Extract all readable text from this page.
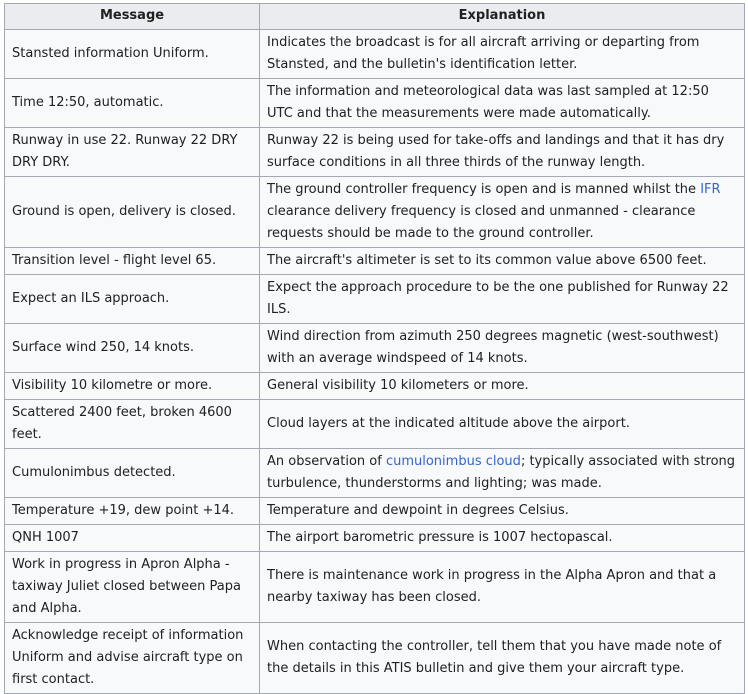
Message	Explanation
Stansted information Uniform.	Indicates the broadcast is for all aircraft arriving or departing from Stansted, and the bulletin's identification letter.
Time 12:50, automatic.	The information and meteorological data was last sampled at 12:50 UTC and that the measurements were made automatically.
Runway in use 22. Runway 22 DRY DRY DRY.	Runway 22 is being used for take-offs and landings and that it has dry surface conditions in all three thirds of the runway length.
Ground is open, delivery is closed.	The ground controller frequency is open and is manned whilst the IFR clearance delivery frequency is closed and unmanned - clearance requests should be made to the ground controller.
Transition level - flight level 65.	The aircraft's altimeter is set to its common value above 6500 feet.
Expect an ILS approach.	Expect the approach procedure to be the one published for Runway 22 ILS.
Surface wind 250, 14 knots.	Wind direction from azimuth 250 degrees magnetic (west-southwest) with an average windspeed of 14 knots.
Visibility 10 kilometre or more.	General visibility 10 kilometers or more.
Scattered 2400 feet, broken 4600 feet.	Cloud layers at the indicated altitude above the airport.
Cumulonimbus detected.	An observation of cumulonimbus cloud; typically associated with strong turbulence, thunderstorms and lighting; was made.
Temperature +19, dew point +14.	Temperature and dewpoint in degrees Celsius.
QNH 1007	The airport barometric pressure is 1007 hectopascal.
Work in progress in Apron Alpha - taxiway Juliet closed between Papa and Alpha.	There is maintenance work in progress in the Alpha Apron and that a nearby taxiway has been closed.
Acknowledge receipt of information Uniform and advise aircraft type on first contact.	When contacting the controller, tell them that you have made note of the details in this ATIS bulletin and give them your aircraft type.
